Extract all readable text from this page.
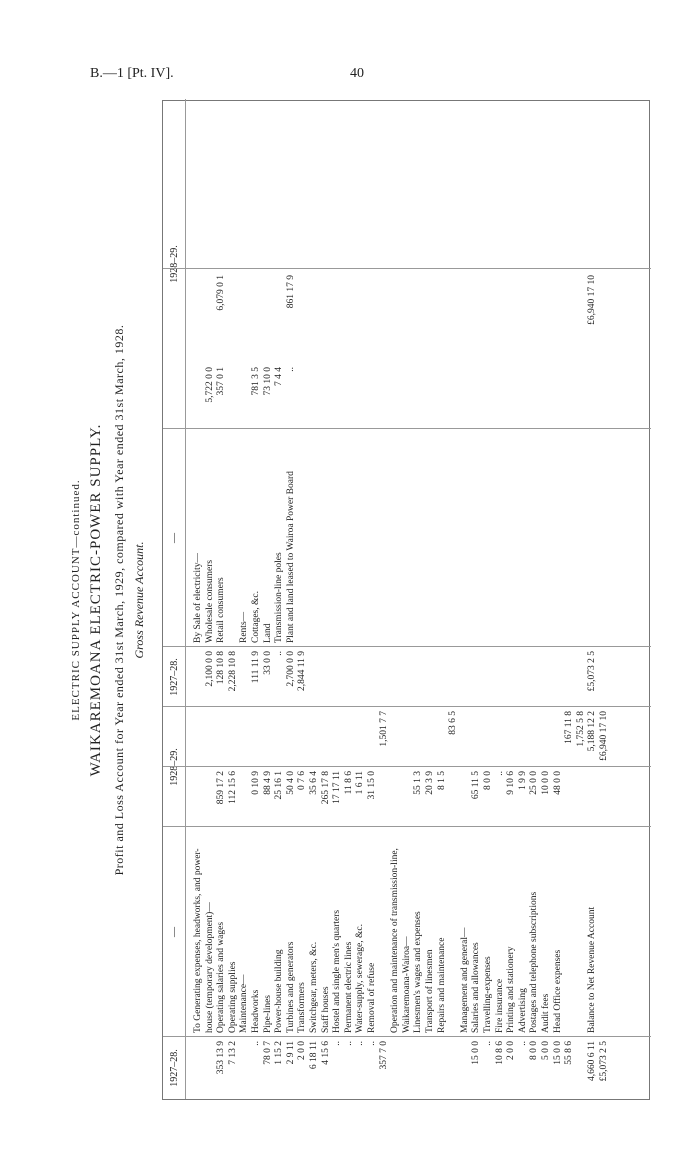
B.—1 [Pt. IV].	40
ELECTRIC SUPPLY ACCOUNT—continued. WAIKAREMOANA ELECTRIC-POWER SUPPLY. Profit and Loss Account for Year ended 31st March, 1929, compared with Year ended 31st March, 1928. Gross Revenue Account.
1927–28.
—
1928–29.
1927–28.
—
1928–29.
To Generating expenses, headworks, and power- house (temporary development)—
353 13 9
Operating salaries and wages
859 17 2
7 13 2
Operating supplies
112 15 6
Maintenance—
..
Headworks
0 10 9
78 0 7
Pipe-lines
88 4 9
1 15 2
Power-house building
25 16 1
2 9 11
Turbines and generators
50 4 0
2 0 0
Transformers
0 7 6
6 18 11
Switchgear, meters, &c.
35 6 4
4 15 6
Staff houses
265 17 8
..
Hostel and single men's quarters
17 17 11
..
Permanent electric lines
11 8 6
..
Water-supply, sewerage, &c.
1 6 11
..
Removal of refuse
31 15 0
357 7 0
1,501 7 7
Operation and maintenance of transmission-line, Waikaremoana-Wairoa— Linesmen's wages and expenses
55 1 3
Transport of linesmen
20 3 9
Repairs and maintenance
8 1 5
83 6 5
Management and general—
15 0 0
Salaries and allowances
65 11 5
..
Travelling-expenses
8 0 0
10 8 6
Fire insurance
..
2 0 0
Printing and stationery
9 10 6
..
Advertising
1 9 9
8 0 0
Postages and telephone subscriptions
25 0 0
5 0 0
Audit fees
10 0 0
15 0 0
Head Office expenses
48 0 0
55 8 6
167 11 8 1,752 5 8
4,660 6 11
Balance to Net Revenue Account
5,188 12 2
£5,073 2 5
£6,940 17 10
By Sale of electricity—
2,100 0 0
Wholesale consumers
5,722 0 0
128 10 8
Retail consumers
357 0 1
6,079 0 1
2,228 10 8
Rents—
111 11 9
Cottages, &c.
781 3 5
33 0 0
Land
73 10 0
..
Transmission-line poles
7 4 4
2,700 0 0
Plant and land leased to Wairoa Power Board
..
861 17 9
2,844 11 9	£5,073 2 5
£6,940 17 10
